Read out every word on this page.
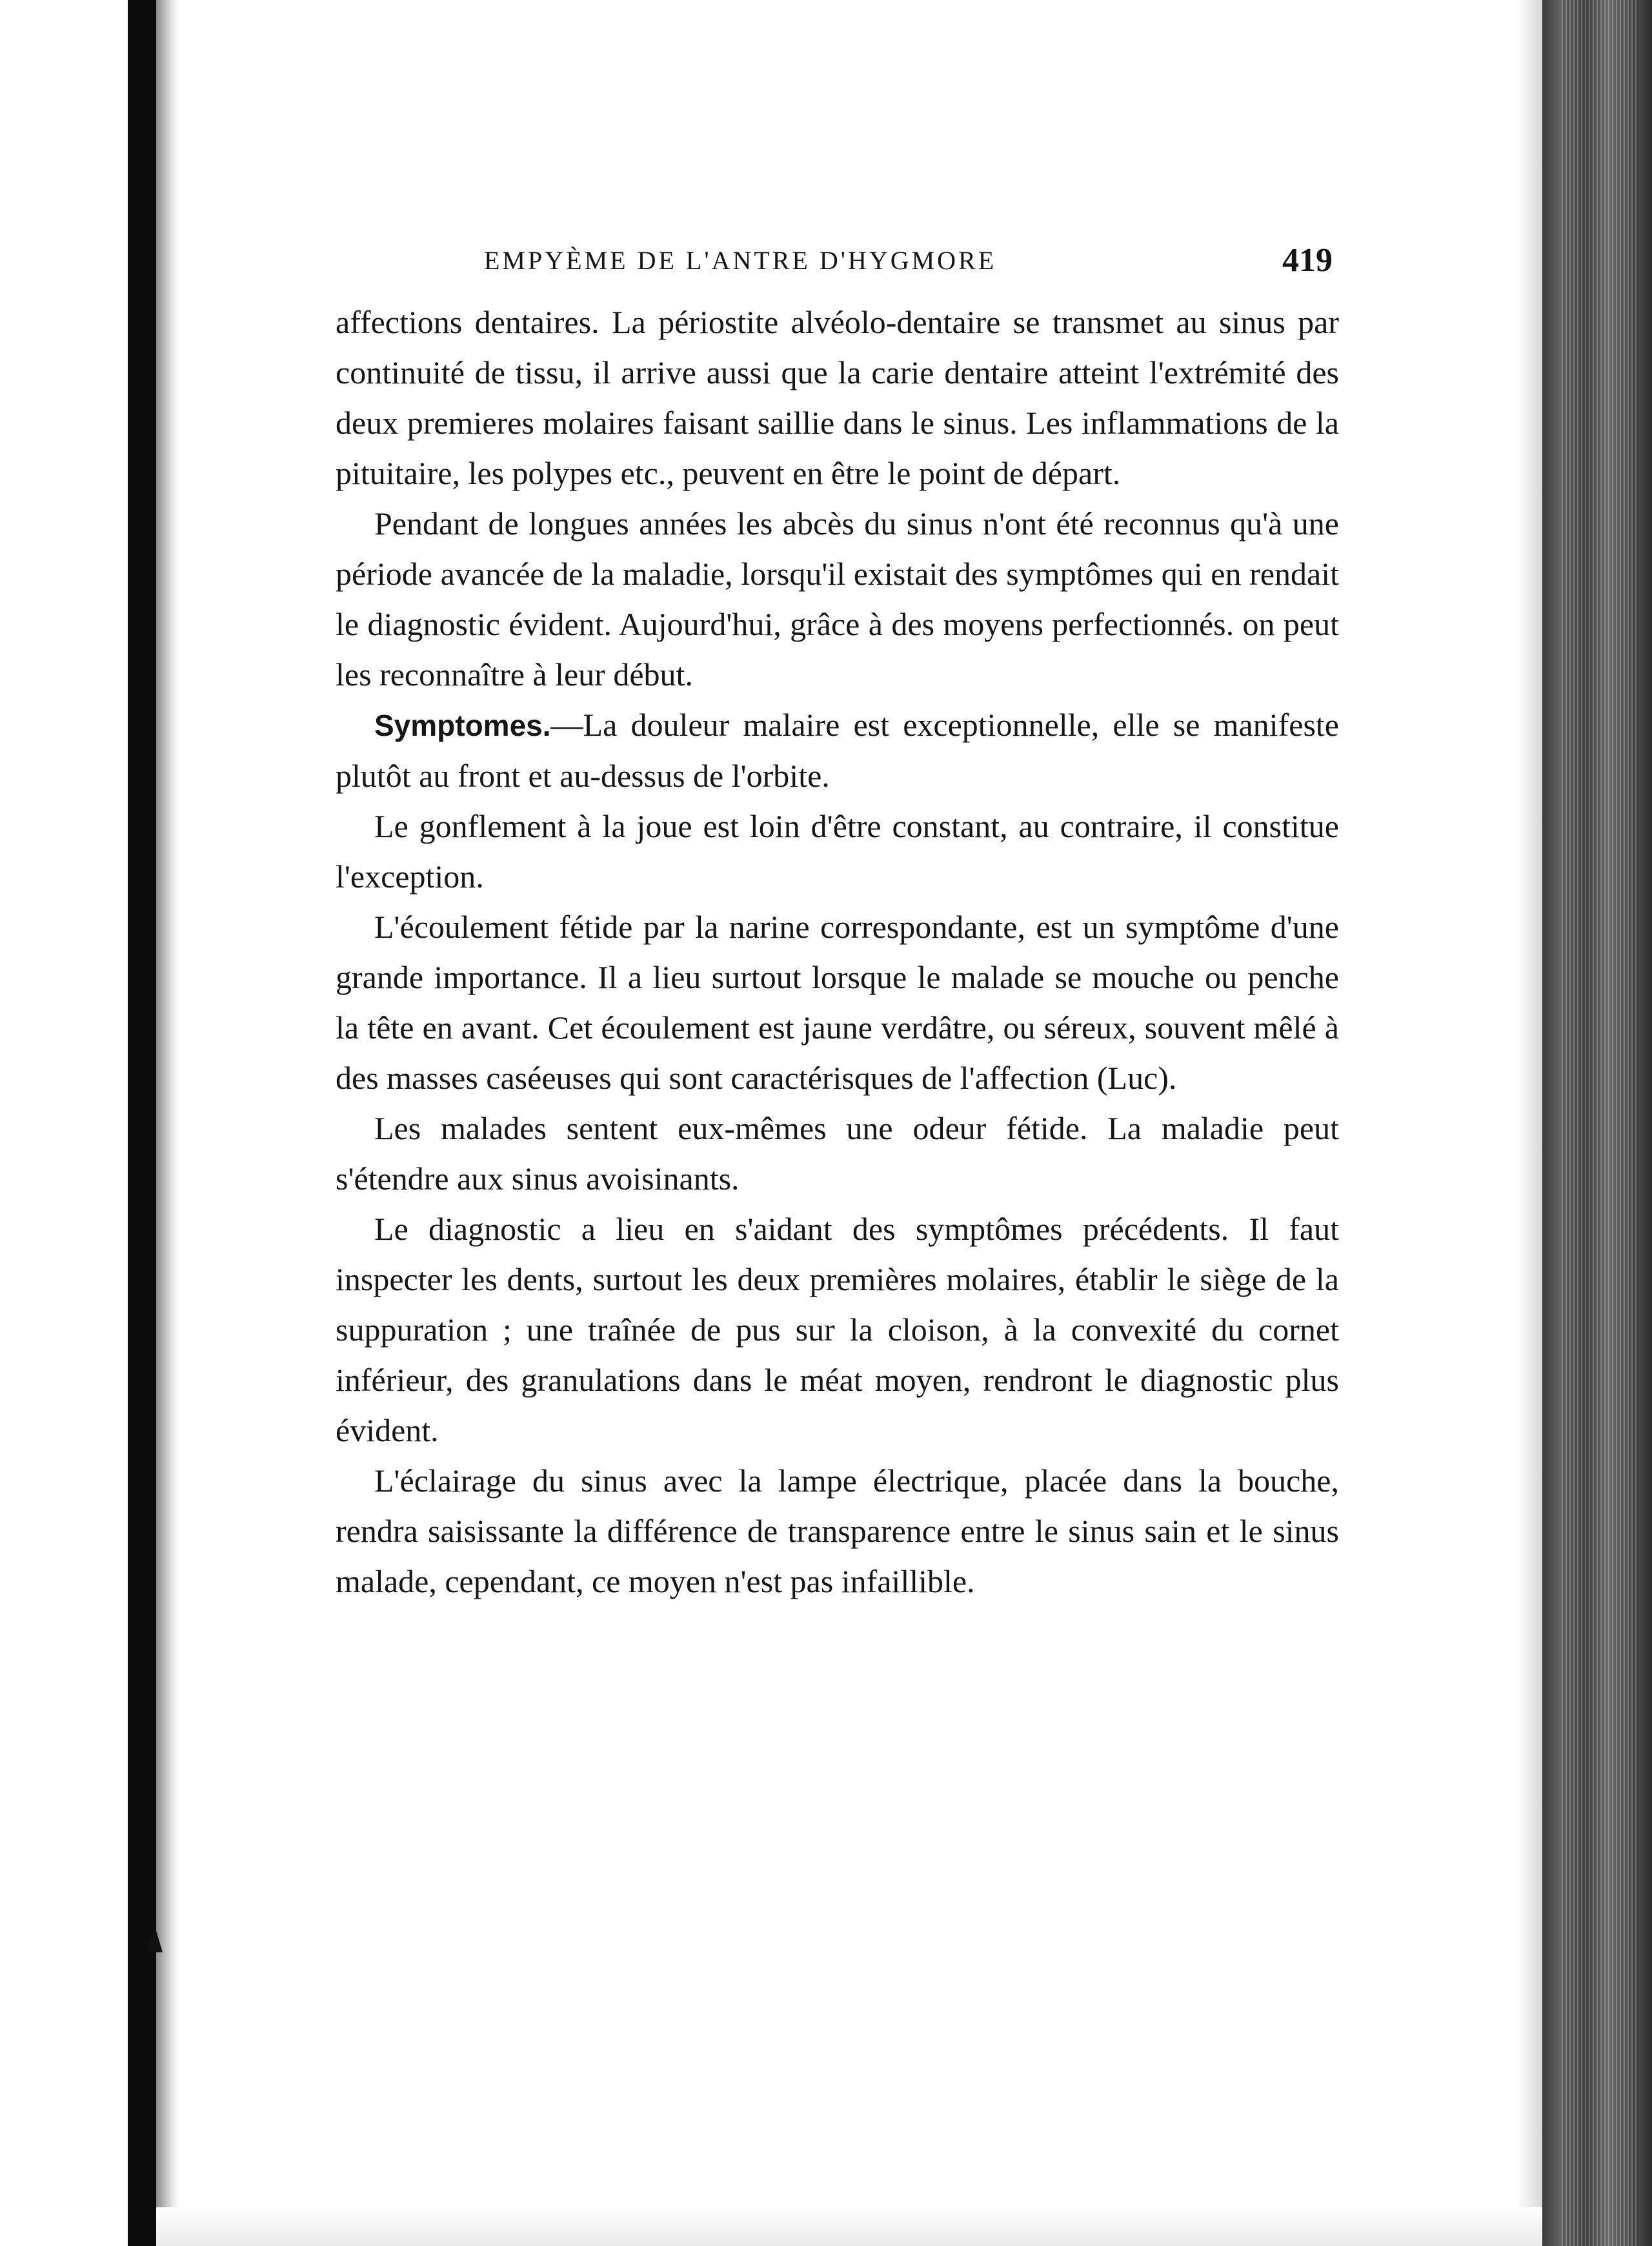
EMPYÈME DE L'ANTRE D'HYGMORE	419

affections dentaires. La périostite alvéolo-dentaire se transmet au sinus par continuité de tissu, il arrive aussi que la carie dentaire atteint l'extrémité des deux premieres molaires faisant saillie dans le sinus. Les inflammations de la pituitaire, les polypes etc., peuvent en être le point de départ.

Pendant de longues années les abcès du sinus n'ont été reconnus qu'à une période avancée de la maladie, lorsqu'il existait des symptômes qui en rendait le diagnostic évident. Aujourd'hui, grâce à des moyens perfectionnés. on peut les reconnaître à leur début.

Symptomes.—La douleur malaire est exceptionnelle, elle se manifeste plutôt au front et au-dessus de l'orbite.

Le gonflement à la joue est loin d'être constant, au contraire, il constitue l'exception.

L'écoulement fétide par la narine correspondante, est un symptôme d'une grande importance. Il a lieu surtout lorsque le malade se mouche ou penche la tête en avant. Cet écoulement est jaune verdâtre, ou séreux, souvent mêlé à des masses caséeuses qui sont caractérisques de l'affection (Luc).

Les malades sentent eux-mêmes une odeur fétide. La maladie peut s'étendre aux sinus avoisinants.

Le diagnostic a lieu en s'aidant des symptômes précédents. Il faut inspecter les dents, surtout les deux premières molaires, établir le siège de la suppuration ; une traînée de pus sur la cloison, à la convexité du cornet inférieur, des granulations dans le méat moyen, rendront le diagnostic plus évident.

L'éclairage du sinus avec la lampe électrique, placée dans la bouche, rendra saisissante la différence de transparence entre le sinus sain et le sinus malade, cependant, ce moyen n'est pas infaillible.
